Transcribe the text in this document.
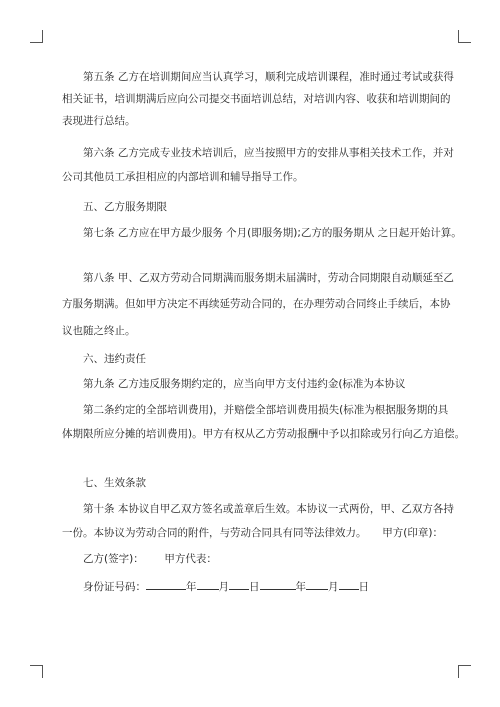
第五条 乙方在培训期间应当认真学习，顺利完成培训课程，准时通过考试或获得
相关证书，培训期满后应向公司提交书面培训总结，对培训内容、收获和培训期间的
表现进行总结。
第六条 乙方完成专业技术培训后，应当按照甲方的安排从事相关技术工作，并对
公司其他员工承担相应的内部培训和辅导指导工作。
五、乙方服务期限
第七条 乙方应在甲方最少服务 个月(即服务期);乙方的服务期从 之日起开始计算。
第八条 甲、乙双方劳动合同期满而服务期未届满时，劳动合同期限自动顺延至乙
方服务期满。但如甲方决定不再续延劳动合同的，在办理劳动合同终止手续后，本协
议也随之终止。
六、违约责任
第九条 乙方违反服务期约定的，应当向甲方支付违约金(标准为本协议
第二条约定的全部培训费用)，并赔偿全部培训费用损失(标准为根据服务期的具
体期限所应分摊的培训费用)。甲方有权从乙方劳动报酬中予以扣除或另行向乙方追偿。
七、生效条款
第十条 本协议自甲乙双方签名或盖章后生效。本协议一式两份，甲、乙双方各持
一份。本协议为劳动合同的附件，与劳动合同具有同等法律效力。　　甲方(印章)：
乙方(签字)： 甲方代表：
身份证号码：	年 月 日	年 月 日
